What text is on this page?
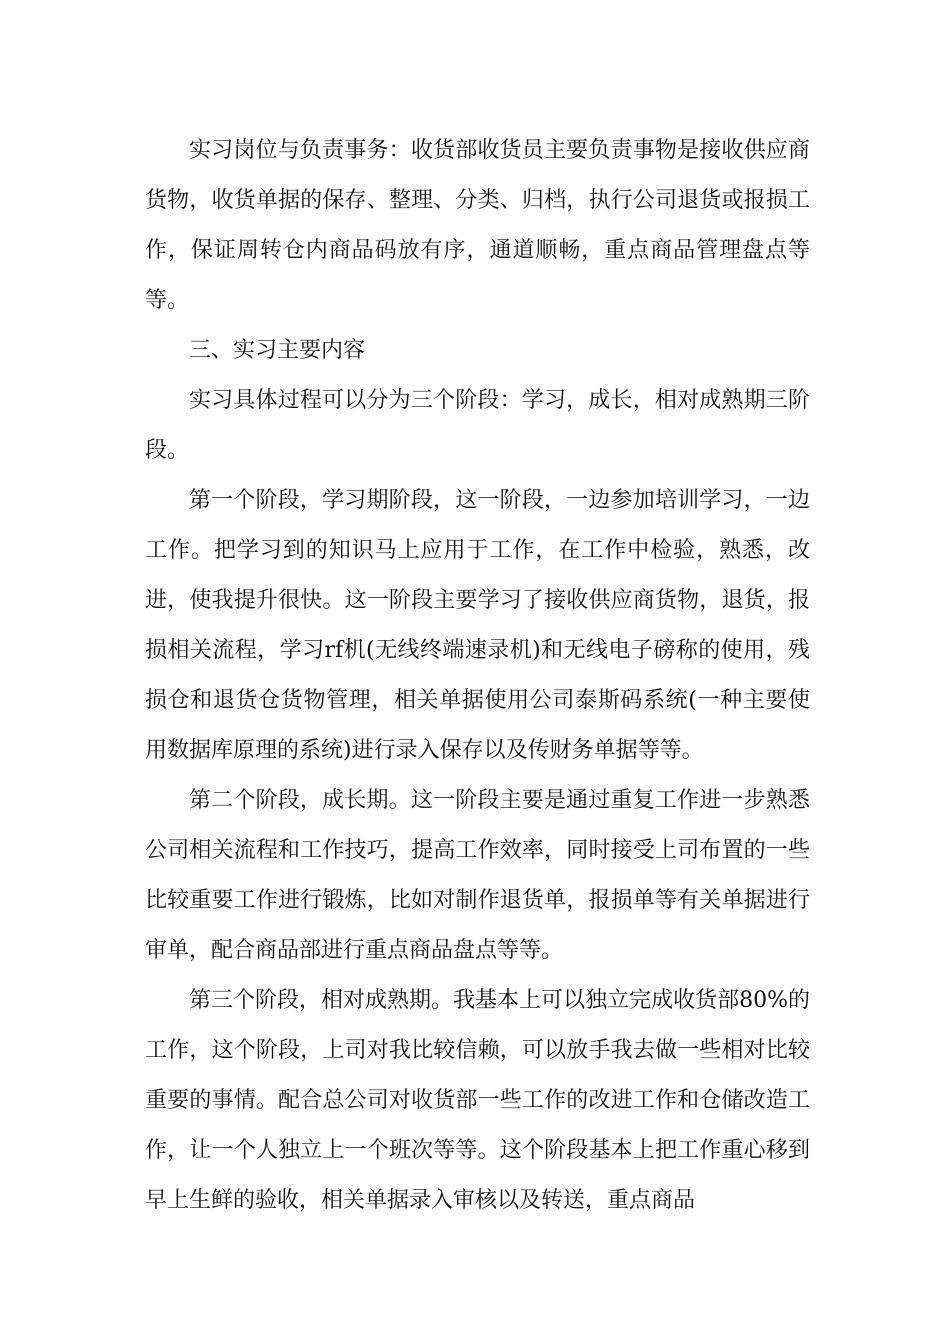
实习岗位与负责事务：收货部收货员主要负责事物是接收供应商货物，收货单据的保存、整理、分类、归档，执行公司退货或报损工作，保证周转仓内商品码放有序，通道顺畅，重点商品管理盘点等等。

三、实习主要内容

实习具体过程可以分为三个阶段：学习，成长，相对成熟期三阶段。

第一个阶段，学习期阶段，这一阶段，一边参加培训学习，一边工作。把学习到的知识马上应用于工作，在工作中检验，熟悉，改进，使我提升很快。这一阶段主要学习了接收供应商货物，退货，报损相关流程，学习rf机(无线终端速录机)和无线电子磅称的使用，残损仓和退货仓货物管理，相关单据使用公司泰斯码系统(一种主要使用数据库原理的系统)进行录入保存以及传财务单据等等。

第二个阶段，成长期。这一阶段主要是通过重复工作进一步熟悉公司相关流程和工作技巧，提高工作效率，同时接受上司布置的一些比较重要工作进行锻炼，比如对制作退货单，报损单等有关单据进行审单，配合商品部进行重点商品盘点等等。

第三个阶段，相对成熟期。我基本上可以独立完成收货部80%的工作，这个阶段，上司对我比较信赖，可以放手我去做一些相对比较重要的事情。配合总公司对收货部一些工作的改进工作和仓储改造工作，让一个人独立上一个班次等等。这个阶段基本上把工作重心移到早上生鲜的验收，相关单据录入审核以及转送，重点商品
